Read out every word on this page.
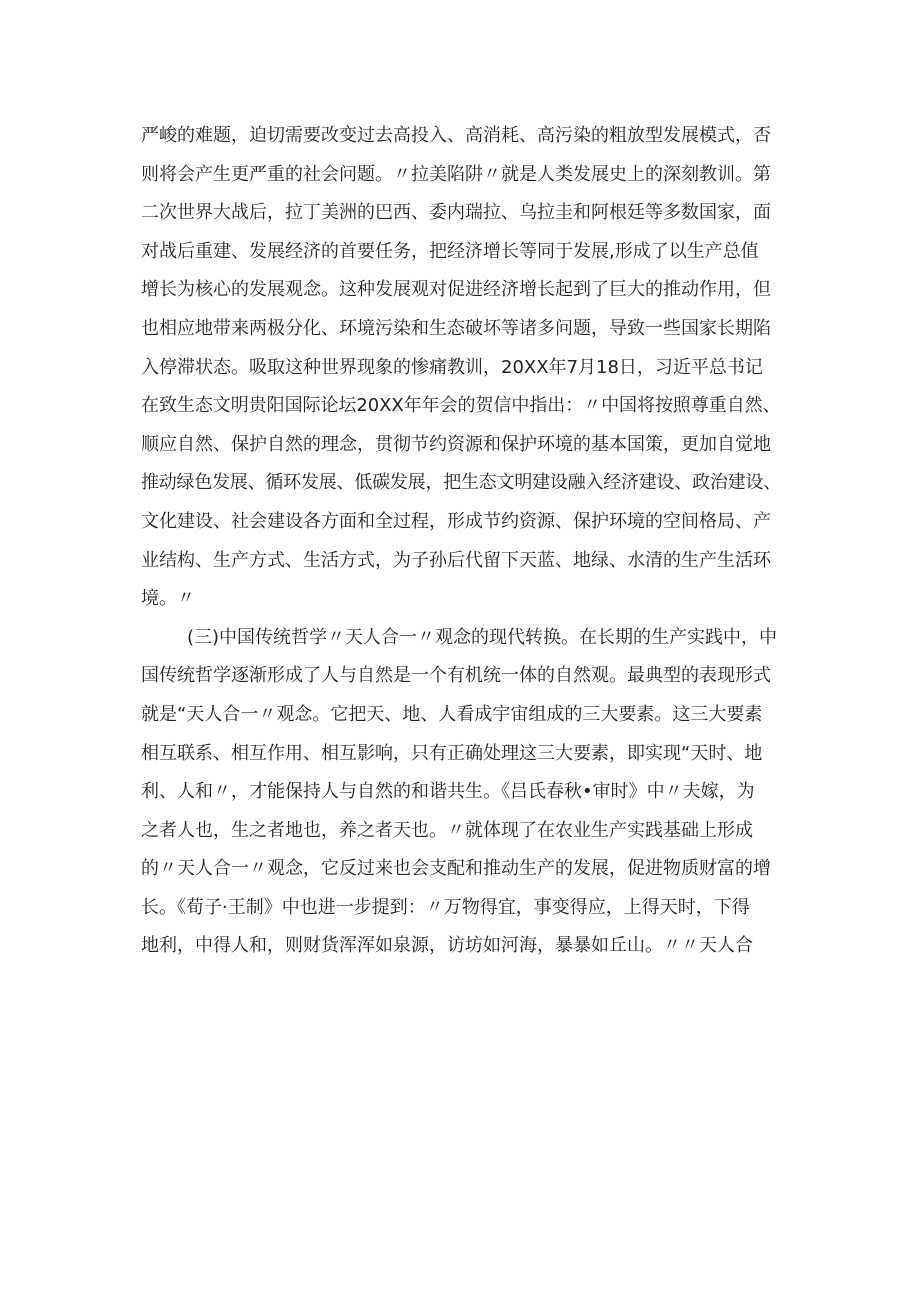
严峻的难题，迫切需要改变过去高投入、高消耗、高污染的粗放型发展模式，否
则将会产生更严重的社会问题。〃拉美陷阱〃就是人类发展史上的深刻教训。第
二次世界大战后，拉丁美洲的巴西、委内瑞拉、乌拉圭和阿根廷等多数国家，面
对战后重建、发展经济的首要任务，把经济增长等同于发展,形成了以生产总值
增长为核心的发展观念。这种发展观对促进经济增长起到了巨大的推动作用，但
也相应地带来两极分化、环境污染和生态破坏等诸多问题，导致一些国家长期陷
入停滞状态。吸取这种世界现象的惨痛教训，20XX年7月18日，习近平总书记
在致生态文明贵阳国际论坛20XX年年会的贺信中指出：〃中国将按照尊重自然、
顺应自然、保护自然的理念，贯彻节约资源和保护环境的基本国策，更加自觉地
推动绿色发展、循环发展、低碳发展，把生态文明建设融入经济建设、政治建设、
文化建设、社会建设各方面和全过程，形成节约资源、保护环境的空间格局、产
业结构、生产方式、生活方式，为子孙后代留下天蓝、地绿、水清的生产生活环
境。〃
(三)中国传统哲学〃天人合一〃观念的现代转换。在长期的生产实践中，中
国传统哲学逐渐形成了人与自然是一个有机统一体的自然观。最典型的表现形式
就是“天人合一〃观念。它把天、地、人看成宇宙组成的三大要素。这三大要素
相互联系、相互作用、相互影响，只有正确处理这三大要素，即实现“天时、地
利、人和〃，才能保持人与自然的和谐共生。《吕氏春秋•审时》中〃夫嫁，为
之者人也，生之者地也，养之者天也。〃就体现了在农业生产实践基础上形成
的〃天人合一〃观念，它反过来也会支配和推动生产的发展，促进物质财富的增
长。《荀子·王制》中也进一步提到：〃万物得宜，事变得应，上得天时，下得
地利，中得人和，则财货浑浑如泉源，访坊如河海，暴暴如丘山。〃〃天人合
